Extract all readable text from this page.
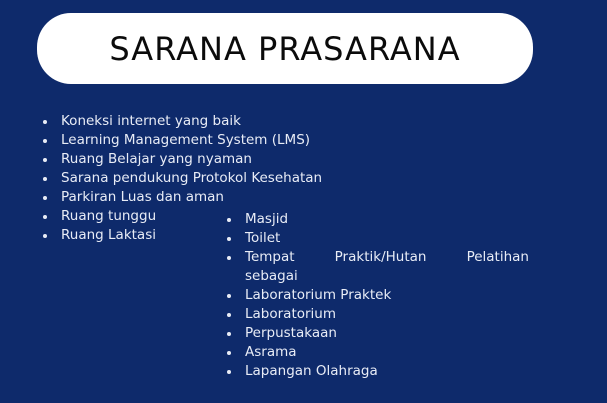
SARANA PRASARANA
Koneksi internet yang baik
Learning Management System (LMS)
Ruang Belajar yang nyaman
Sarana pendukung Protokol Kesehatan
Parkiran Luas dan aman
Ruang tunggu
Ruang Laktasi
Masjid
Toilet
Tempat	Praktik/Hutan	Pelatihan
sebagai
Laboratorium Praktek
Laboratorium
Perpustakaan
Asrama
Lapangan Olahraga
